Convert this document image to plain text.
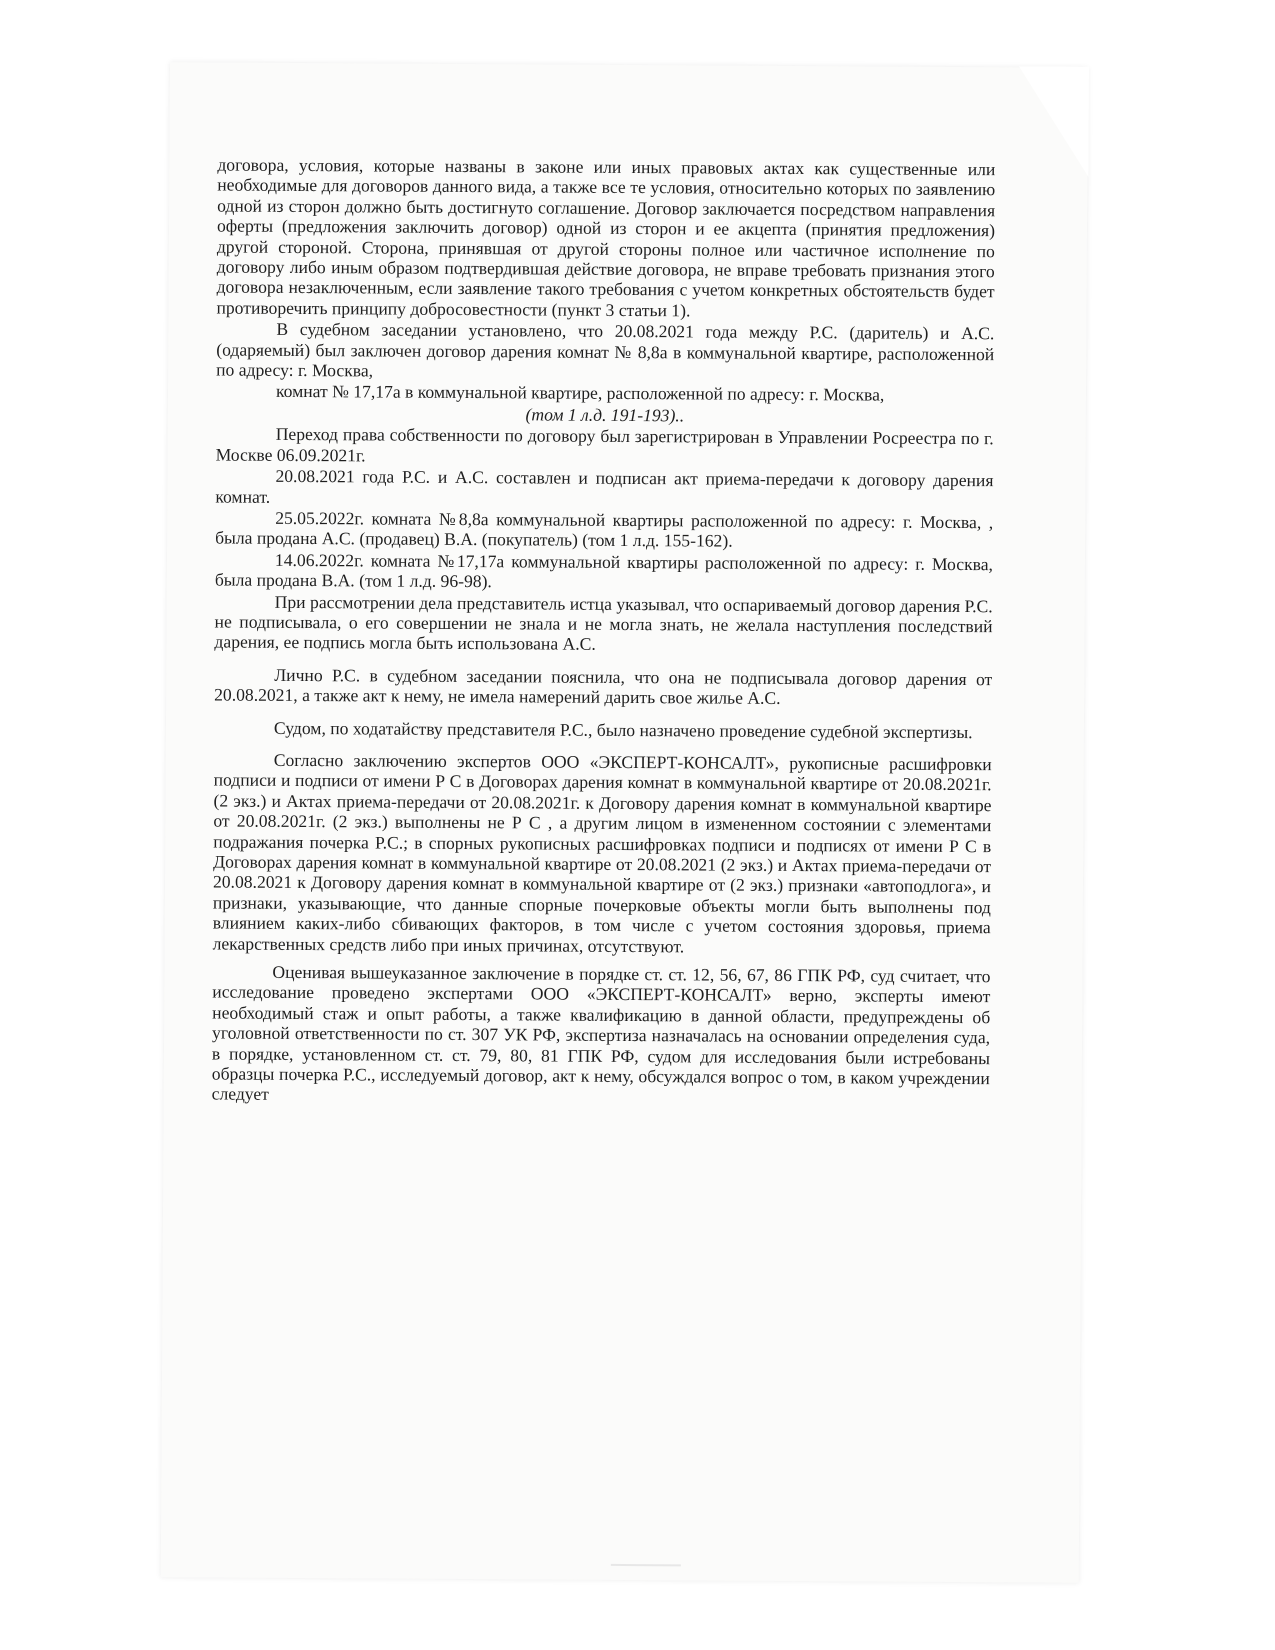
договора, условия, которые названы в законе или иных правовых актах как существенные или необходимые для договоров данного вида, а также все те условия, относительно которых по заявлению одной из сторон должно быть достигнуто соглашение. Договор заключается посредством направления оферты (предложения заключить договор) одной из сторон и ее акцепта (принятия предложения) другой стороной. Сторона, принявшая от другой стороны полное или частичное исполнение по договору либо иным образом подтвердившая действие договора, не вправе требовать признания этого договора незаключенным, если заявление такого требования с учетом конкретных обстоятельств будет противоречить принципу добросовестности (пункт 3 статьи 1).

В судебном заседании установлено, что 20.08.2021 года между Р.С. (даритель) и А.С. (одаряемый) был заключен договор дарения комнат № 8,8а в коммунальной квартире, расположенной по адресу: г. Москва,

комнат № 17,17а в коммунальной квартире, расположенной по адресу: г. Москва,

(том 1 л.д. 191-193)..

Переход права собственности по договору был зарегистрирован в Управлении Росреестра по г. Москве 06.09.2021г.

20.08.2021 года Р.С. и А.С. составлен и подписан акт приема-передачи к договору дарения комнат.

25.05.2022г. комната №8,8а коммунальной квартиры расположенной по адресу: г. Москва, , была продана А.С. (продавец) В.А. (покупатель) (том 1 л.д. 155-162).

14.06.2022г. комната №17,17а коммунальной квартиры расположенной по адресу: г. Москва, была продана В.А. (том 1 л.д. 96-98).

При рассмотрении дела представитель истца указывал, что оспариваемый договор дарения Р.С. не подписывала, о его совершении не знала и не могла знать, не желала наступления последствий дарения, ее подпись могла быть использована А.С.

Лично Р.С. в судебном заседании пояснила, что она не подписывала договор дарения от 20.08.2021, а также акт к нему, не имела намерений дарить свое жилье А.С.

Судом, по ходатайству представителя Р.С., было назначено проведение судебной экспертизы.

Согласно заключению экспертов ООО «ЭКСПЕРТ-КОНСАЛТ», рукописные расшифровки подписи и подписи от имени Р С в Договорах дарения комнат в коммунальной квартире от 20.08.2021г. (2 экз.) и Актах приема-передачи от 20.08.2021г. к Договору дарения комнат в коммунальной квартире от 20.08.2021г. (2 экз.) выполнены не Р С , а другим лицом в измененном состоянии с элементами подражания почерка Р.С.; в спорных рукописных расшифровках подписи и подписях от имени Р С в Договорах дарения комнат в коммунальной квартире от 20.08.2021 (2 экз.) и Актах приема-передачи от 20.08.2021 к Договору дарения комнат в коммунальной квартире от (2 экз.) признаки «автоподлога», и признаки, указывающие, что данные спорные почерковые объекты могли быть выполнены под влиянием каких-либо сбивающих факторов, в том числе с учетом состояния здоровья, приема лекарственных средств либо при иных причинах, отсутствуют.

Оценивая вышеуказанное заключение в порядке ст. ст. 12, 56, 67, 86 ГПК РФ, суд считает, что исследование проведено экспертами ООО «ЭКСПЕРТ-КОНСАЛТ» верно, эксперты имеют необходимый стаж и опыт работы, а также квалификацию в данной области, предупреждены об уголовной ответственности по ст. 307 УК РФ, экспертиза назначалась на основании определения суда, в порядке, установленном ст. ст. 79, 80, 81 ГПК РФ, судом для исследования были истребованы образцы почерка Р.С., исследуемый договор, акт к нему, обсуждался вопрос о том, в каком учреждении следует
